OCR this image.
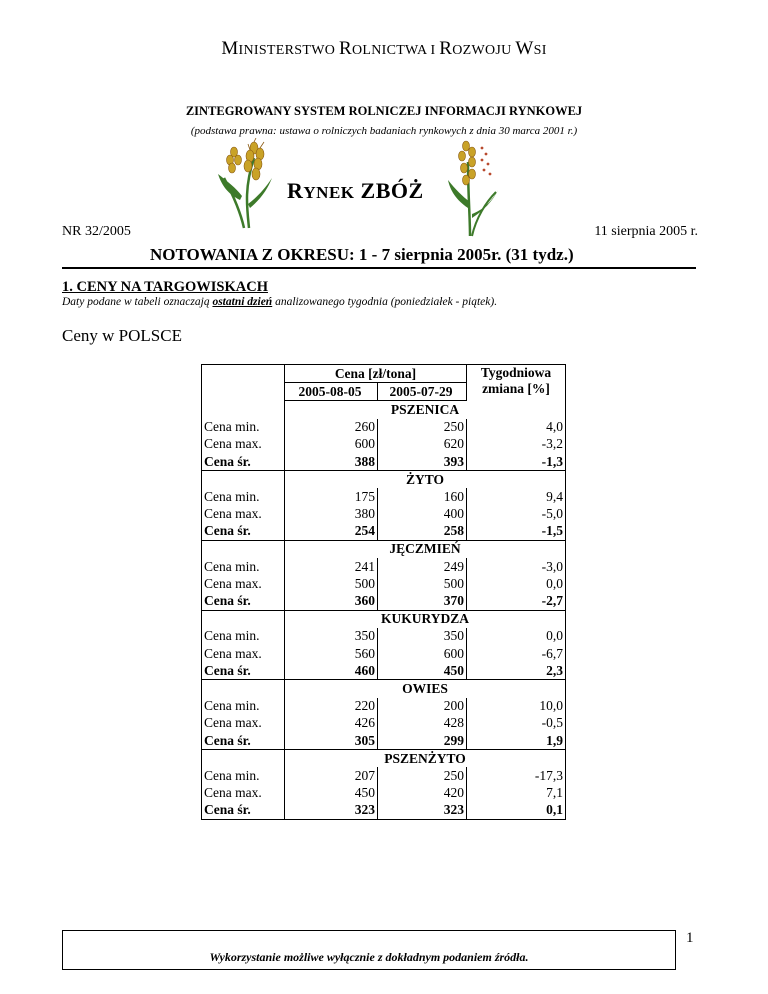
MINISTERSTWO ROLNICTWA I ROZWOJU WSI
ZINTEGROWANY SYSTEM ROLNICZEJ INFORMACJI RYNKOWEJ
(podstawa prawna: ustawa o rolniczych badaniach rynkowych z dnia 30 marca 2001 r.)
RYNEK ZBÓŻ
NR 32/2005	11 sierpnia 2005 r.
NOTOWANIA Z OKRESU: 1 - 7 sierpnia 2005r. (31 tydz.)
1. CENY NA TARGOWISKACH
Daty podane w tabeli oznaczają ostatni dzień analizowanego tygodnia (poniedziałek - piątek).
Ceny w POLSCE
	Cena [zł/tona]		Tygodniowa
zmiana [%]
	2005-08-05	2005-07-29	
	PSZENICA		
Cena min.	260	250	4,0
Cena max.	600	620	-3,2
Cena śr.	388	393	-1,3
	ŻYTO		
Cena min.	175	160	9,4
Cena max.	380	400	-5,0
Cena śr.	254	258	-1,5
	JĘCZMIEŃ		
Cena min.	241	249	-3,0
Cena max.	500	500	0,0
Cena śr.	360	370	-2,7
	KUKURYDZA		
Cena min.	350	350	0,0
Cena max.	560	600	-6,7
Cena śr.	460	450	2,3
	OWIES		
Cena min.	220	200	10,0
Cena max.	426	428	-0,5
Cena śr.	305	299	1,9
	PSZENŻYTO		
Cena min.	207	250	-17,3
Cena max.	450	420	7,1
Cena śr.	323	323	0,1
Wykorzystanie możliwe wyłącznie z dokładnym podaniem źródła.
1
